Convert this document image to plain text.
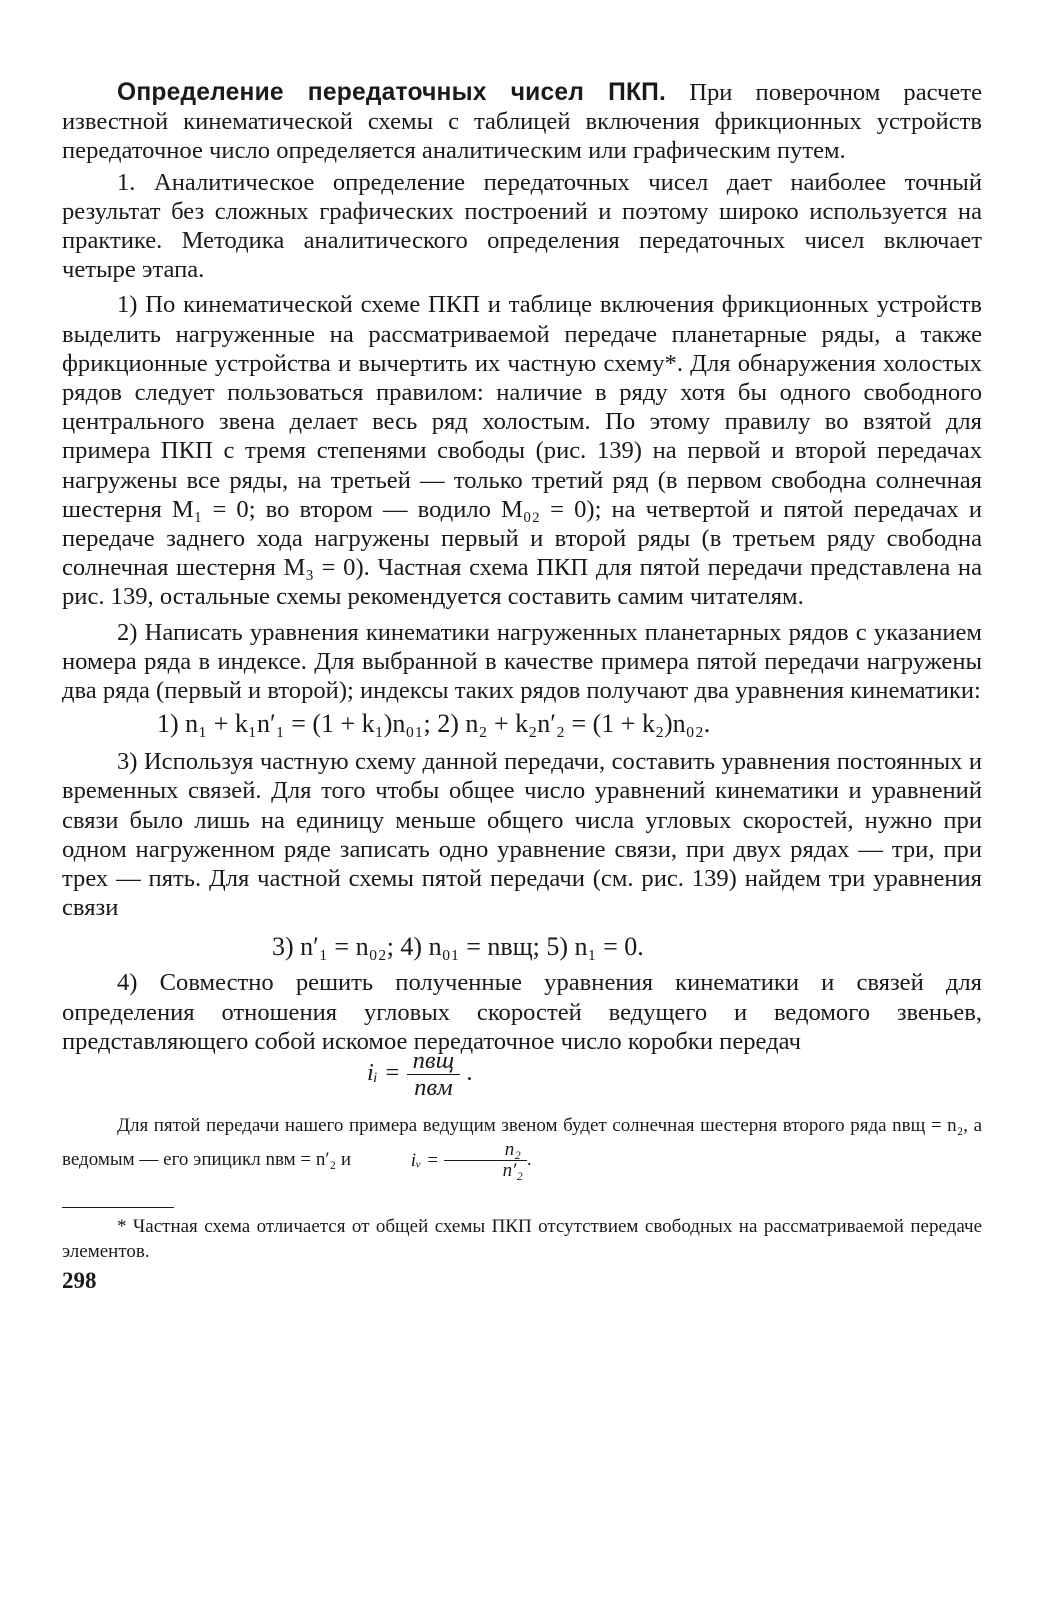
Определение передаточных чисел ПКП. При поверочном расчете известной кинематической схемы с таблицей включения фрикционных устройств передаточное число определяется аналитическим или графическим путем.

1. Аналитическое определение передаточных чисел дает наиболее точный результат без сложных графических построений и поэтому широко используется на практике. Методика аналитического определения передаточных чисел включает четыре этапа.

1) По кинематической схеме ПКП и таблице включения фрикционных устройств выделить нагруженные на рассматриваемой передаче планетарные ряды, а также фрикционные устройства и вычертить их частную схему*. Для обнаружения холостых рядов следует пользоваться правилом: наличие в ряду хотя бы одного свободного центрального звена делает весь ряд холостым. По этому правилу во взятой для примера ПКП с тремя степенями свободы (рис. 139) на первой и второй передачах нагружены все ряды, на третьей — только третий ряд (в первом свободна солнечная шестерня M₁ = 0; во втором — водило M₀₂ = 0); на четвертой и пятой передачах и передаче заднего хода нагружены первый и второй ряды (в третьем ряду свободна солнечная шестерня M₃ = 0). Частная схема ПКП для пятой передачи представлена на рис. 139, остальные схемы рекомендуется составить самим читателям.

2) Написать уравнения кинематики нагруженных планетарных рядов с указанием номера ряда в индексе. Для выбранной в качестве примера пятой передачи нагружены два ряда (первый и второй); индексы таких рядов получают два уравнения кинематики:

1) n₁ + k₁n′₁ = (1 + k₁)n₀₁; 2) n₂ + k₂n′₂ = (1 + k₂)n₀₂.

3) Используя частную схему данной передачи, составить уравнения постоянных и временных связей. Для того чтобы общее число уравнений кинематики и уравнений связи было лишь на единицу меньше общего числа угловых скоростей, нужно при одном нагруженном ряде записать одно уравнение связи, при двух рядах — три, при трех — пять. Для частной схемы пятой передачи (см. рис. 139) найдем три уравнения связи

3) n′₁ = n₀₂; 4) n₀₁ = nвщ; 5) n₁ = 0.

4) Совместно решить полученные уравнения кинематики и связей для определения отношения угловых скоростей ведущего и ведомого звеньев, представляющего собой искомое передаточное число коробки передач

iᵢ = $\frac{\text{nвщ}}{\text{nвм}}$ .

Для пятой передачи нашего примера ведущим звеном будет солнечная шестерня второго ряда nвщ = n₂, а ведомым — его эпицикл nвм = n′₂ и	iᵥ = $\frac{\text{n₂}}{\text{n′₂}}$ .

* Частная схема отличается от общей схемы ПКП отсутствием свободных на рассматриваемой передаче элементов.

298
